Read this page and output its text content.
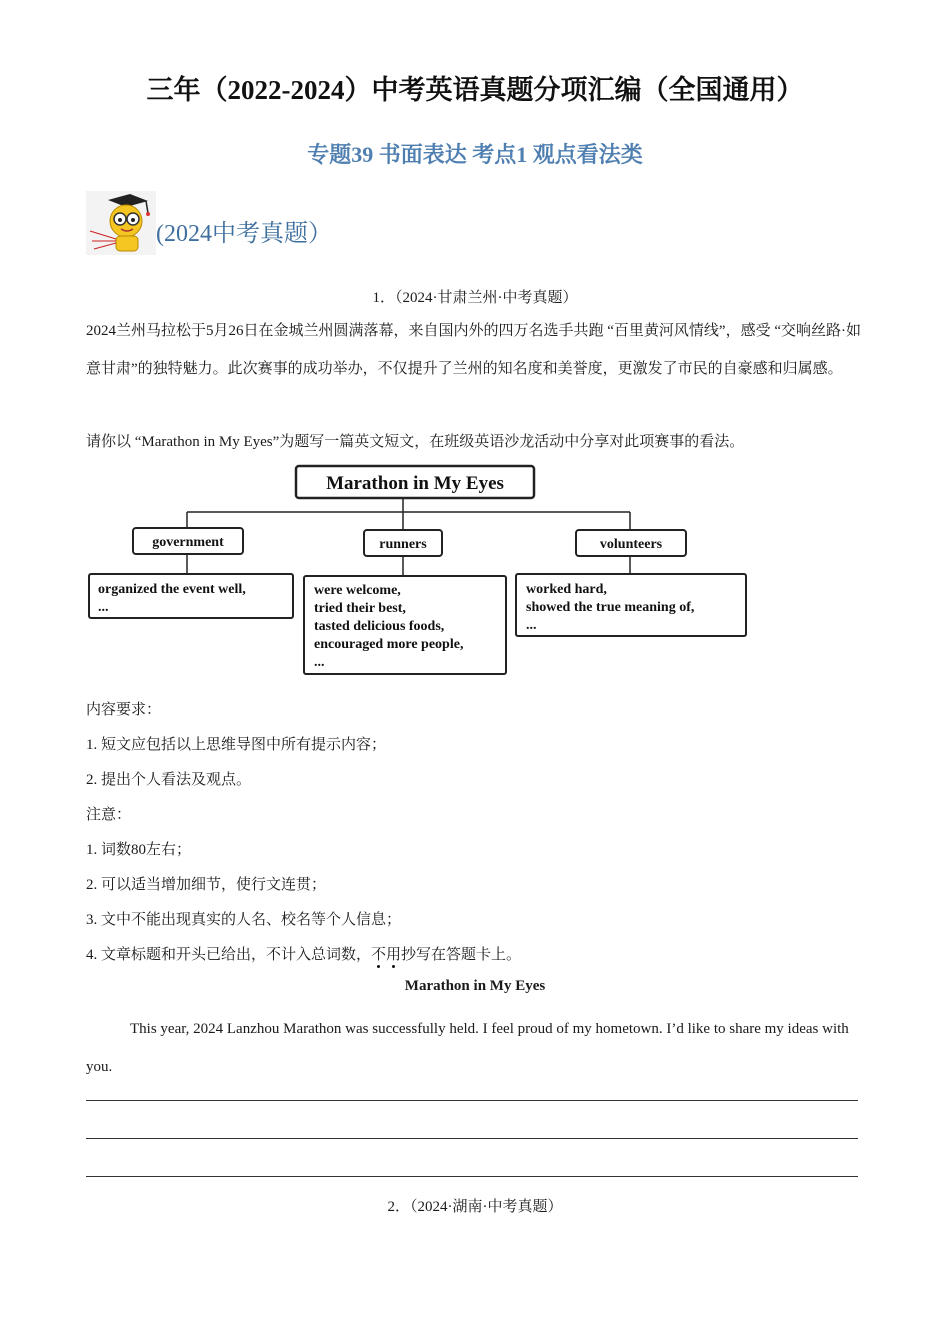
三年（2022-2024）中考英语真题分项汇编（全国通用）
专题39 书面表达 考点1 观点看法类
(2024中考真题）
1．（2024·甘肃兰州·中考真题）
2024兰州马拉松于5月26日在金城兰州圆满落幕，来自国内外的四万名选手共跑 “百里黄河风情线”，感受 “交响丝路·如意甘肃”的独特魅力。此次赛事的成功举办，不仅提升了兰州的知名度和美誉度，更激发了市民的自豪感和归属感。
请你以 “Marathon in My Eyes”为题写一篇英文短文，在班级英语沙龙活动中分享对此项赛事的看法。
Marathon in My Eyes
government
organized the event well,
...
runners
were welcome,
tried their best,
tasted delicious foods,
encouraged more people,
...
volunteers
worked hard,
showed the true meaning of,
...
内容要求：
1. 短文应包括以上思维导图中所有提示内容；
2. 提出个人看法及观点。
注意：
1. 词数80左右；
2. 可以适当增加细节，使行文连贯；
3. 文中不能出现真实的人名、校名等个人信息；
4. 文章标题和开头已给出，不计入总词数，不用抄写在答题卡上。
Marathon in My Eyes
This year, 2024 Lanzhou Marathon was successfully held. I feel proud of my hometown. I’d like to share my ideas with you.
2．（2024·湖南·中考真题）
